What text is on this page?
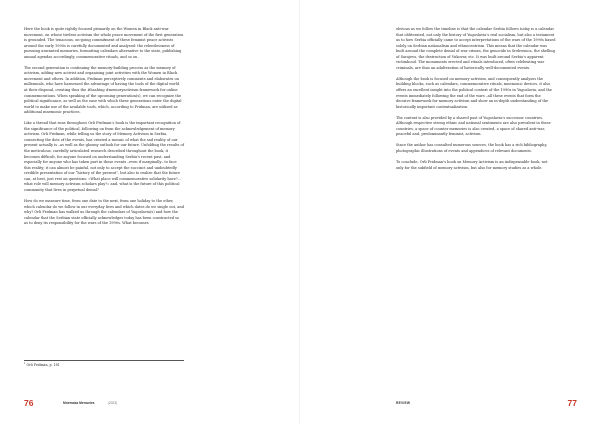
Here the book is quite rightly focused primarily on the Women in Black anti-war movement, on whose tireless activism the whole peace movement of the first generation is grounded. The tenacious, on-going commitment of these feminist peace activists around the early 1990s is carefully documented and analysed: the relentlessness of pursuing unwanted memories, formatting calendars alternative to the state, publishing annual agendas accordingly, commemorative rituals, and so on.

The second generation is continuing the memory-building process as the memory of activism, adding new activist and organising joint activities with the Women in Black movement and others. In addition, Fridman perceptively comments and elaborates on millennials, who have harnessed the advantage of having the tools of the digital world at their disposal, creating thus the #hashtag #memoryactivism framework for online commemorations. When speaking of the upcoming generation(s), we can recognize the political significance, as well as the ease with which these generations enter the digital world to make use of the available tools, which, according to Fridman, are utilised as additional mnemonic practices.

Like a thread that runs throughout Orli Fridman’s book is the important recognition of the significance of the political, following on from the acknowledgement of memory activism. Orli Fridman, while telling us the story of Memory Activism in Serbia, connecting the dots of the events, has created a mosaic of what the sad reality of our present actually is –as well as the gloomy outlook for our future. Unfolding the results of the meticulous, carefully articulated research described throughout the book, it becomes difficult, for anyone focused on understanding Serbia’s recent past, and especially for anyone who has taken part in these events –even if marginally– to face this reality; it can almost be painful, not only to accept the succinct and undoubtedly credible presentation of our “history of the present”, but also to realise that the future can, at best, just rest on questions: «What place will commemorative solidarity have?… what role will memory activism scholars play?» and, what is the future of this political community that lives in perpetual denial?

How do we measure time, from one date to the next, from one holiday to the other, which calendar do we follow in our everyday lives and which dates do we single out, and why? Orli Fridman has walked us through the calendars of Yugoslavia(s) and how the calendar that the Serbian state officially acknowledges today has been constructed so as to deny its responsibility for the wars of the 1990s. What becomes

$^1$ Orli Fridman, p. 181
76	Mnemoka Memories	|2023|

obvious as we follow the timeline is that the calendar Serbia follows today is a calendar that obliterated, not only the history of Yugoslavia’s real socialism, but also a testament as to how Serbia officially came to accept interpretations of the wars of the 1990s based solely on Serbian nationalism and ethnocentrism. This means that the calendar was built around the complete denial of war crimes, the genocide in Srebrenica, the shelling of Sarajevo, the destruction of Vukovar, etc. It was built around Serbia’s apparent victimhood. The monuments erected and rituals introduced, often celebrating war criminals, are thus an adulteration of historically well-documented events.

Although the book is focused on memory activism, and consequently analyses the building blocks, such as calendars, commemorative rituals, mnemonic devices, it also offers an excellent insight into the political context of the 1990s in Yugoslavia, and the events immediately following the end of the wars –all these events that form the decisive framework for memory activism and show an in-depth understanding of the historically important contextualization.

The context is also provided by a shared past of Yugoslavia’s successor countries. Although respective strong ethnic and national sentiments are also prevalent in these countries, a space of counter memories is also created, a space of shared anti-war, peaceful and, predominantly feminist, activism.

Since the author has consulted numerous sources, the book has a rich bibliography, photographic illustrations of events and appendices of relevant documents.

To conclude, Orli Fridman’s book on Memory Activism is an indispensable book, not only for the subfield of memory activism, but also for memory studies as a whole.

REVIEW	77
